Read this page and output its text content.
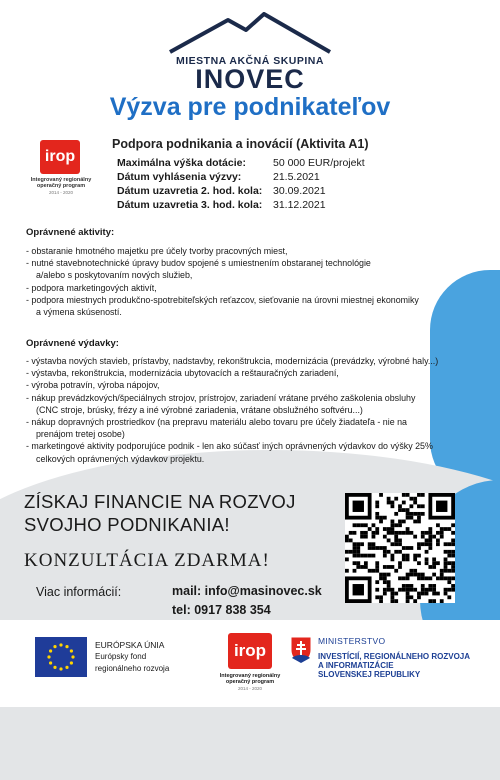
MIESTNA AKČNÁ SKUPINA
INOVEC
Výzva pre podnikateľov
irop
Integrovaný regionálny operačný program
2014 - 2020
Podpora podnikania a inovácií (Aktivita A1)
Maximálna výška dotácie:	50 000 EUR/projekt
Dátum vyhlásenia výzvy:	21.5.2021
Dátum uzavretia 2. hod. kola: 30.09.2021
Dátum uzavretia 3. hod. kola: 31.12.2021
Oprávnené aktivity:
- obstaranie hmotného majetku pre účely tvorby pracovných miest,
- nutné stavebnotechnické úpravy budov spojené s umiestnením obstaranej technológie
a/alebo s poskytovaním nových služieb,
- podpora marketingových aktivít,
- podpora miestnych produkčno-spotrebiteľských reťazcov, sieťovanie na úrovni miestnej ekonomiky
a výmena skúseností.
Oprávnené výdavky:
- výstavba nových stavieb, prístavby, nadstavby, rekonštrukcia, modernizácia (prevádzky, výrobné haly...)
- výstavba, rekonštrukcia, modernizácia ubytovacích a reštauračných zariadení,
- výroba potravín, výroba nápojov,
- nákup prevádzkových/špeciálnych strojov, prístrojov, zariadení vrátane prvého zaškolenia obsluhy
(CNC stroje, brúsky, frézy a iné výrobné zariadenia, vrátane obslužného softvéru...)
- nákup dopravných prostriedkov (na prepravu materiálu alebo tovaru pre účely žiadateľa - nie na
prenájom tretej osobe)
- marketingové aktivity podporujúce podnik - len ako súčasť iných oprávnených výdavkov do výšky 25%
celkových oprávnených výdavkov projektu.
ZÍSKAJ FINANCIE NA ROZVOJ
SVOJHO PODNIKANIA!
KONZULTÁCIA ZDARMA!
Viac informácií:	mail: info@masinovec.sk
tel: 0917 838 354
EURÓPSKA ÚNIA
Európsky fond
regionálneho rozvoja
irop
Integrovaný regionálny operačný program
2014 - 2020
MINISTERSTVO
INVESTÍCIÍ, REGIONÁLNEHO ROZVOJA
A INFORMATIZÁCIE
SLOVENSKEJ REPUBLIKY
